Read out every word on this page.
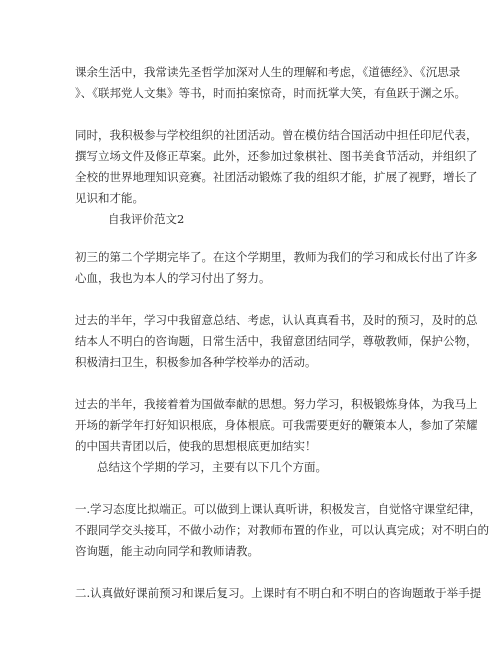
课余生活中，我常读先圣哲学加深对人生的理解和考虑，《道德经》、《沉思录
》、《联邦党人文集》等书，时而拍案惊奇，时而抚掌大笑，有鱼跃于渊之乐。
同时，我积极参与学校组织的社团活动。曾在模仿结合国活动中担任印尼代表，
撰写立场文件及修正草案。此外，还参加过象棋社、图书美食节活动，并组织了
全校的世界地理知识竞赛。社团活动锻炼了我的组织才能，扩展了视野，增长了
见识和才能。
自我评价范文2
初三的第二个学期完毕了。在这个学期里，教师为我们的学习和成长付出了许多
心血，我也为本人的学习付出了努力。
过去的半年，学习中我留意总结、考虑，认认真真看书，及时的预习，及时的总
结本人不明白的咨询题，日常生活中，我留意团结同学，尊敬教师，保护公物，
积极清扫卫生，积极参加各种学校举办的活动。
过去的半年，我接着着为国做奉献的思想。努力学习，积极锻炼身体，为我马上
开场的新学年打好知识根底，身体根底。可我需要更好的鞭策本人，参加了荣耀
的中国共青团以后，使我的思想根底更加结实！
总结这个学期的学习，主要有以下几个方面。
一.学习态度比拟端正。可以做到上课认真听讲，积极发言，自觉恪守课堂纪律，
不跟同学交头接耳，不做小动作；对教师布置的作业，可以认真完成；对不明白的
咨询题，能主动向同学和教师请教。
二.认真做好课前预习和课后复习。上课时有不明白和不明白的咨询题敢于举手提
